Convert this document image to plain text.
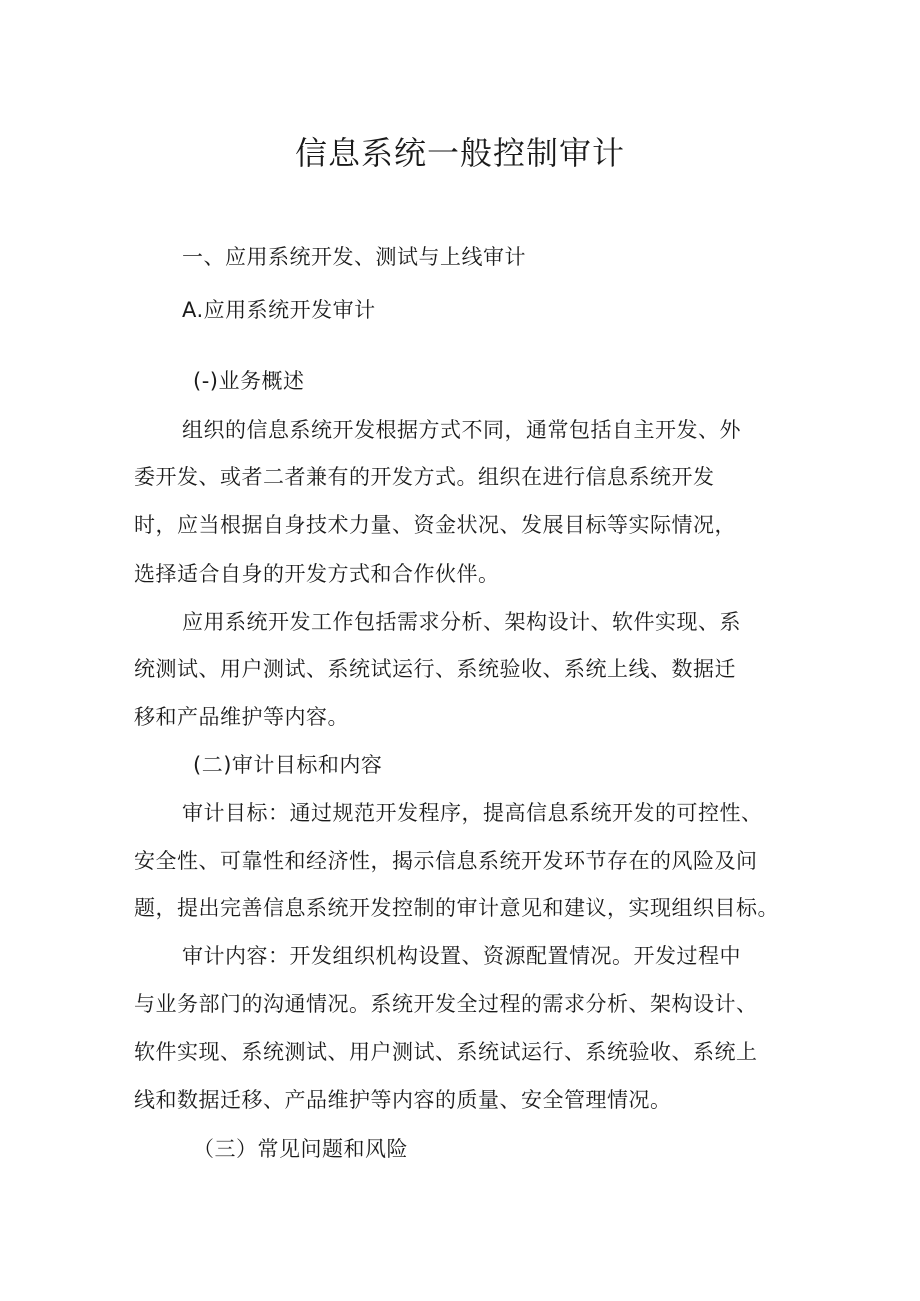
信息系统一般控制审计
一、应用系统开发、测试与上线审计
A.应用系统开发审计
(-)业务概述
组织的信息系统开发根据方式不同，通常包括自主开发、外
委开发、或者二者兼有的开发方式。组织在进行信息系统开发
时，应当根据自身技术力量、资金状况、发展目标等实际情况，
选择适合自身的开发方式和合作伙伴。
应用系统开发工作包括需求分析、架构设计、软件实现、系
统测试、用户测试、系统试运行、系统验收、系统上线、数据迁
移和产品维护等内容。
(二)审计目标和内容
审计目标：通过规范开发程序，提高信息系统开发的可控性、
安全性、可靠性和经济性，揭示信息系统开发环节存在的风险及问
题，提出完善信息系统开发控制的审计意见和建议，实现组织目标。
审计内容：开发组织机构设置、资源配置情况。开发过程中
与业务部门的沟通情况。系统开发全过程的需求分析、架构设计、
软件实现、系统测试、用户测试、系统试运行、系统验收、系统上
线和数据迁移、产品维护等内容的质量、安全管理情况。
（三）常见问题和风险
